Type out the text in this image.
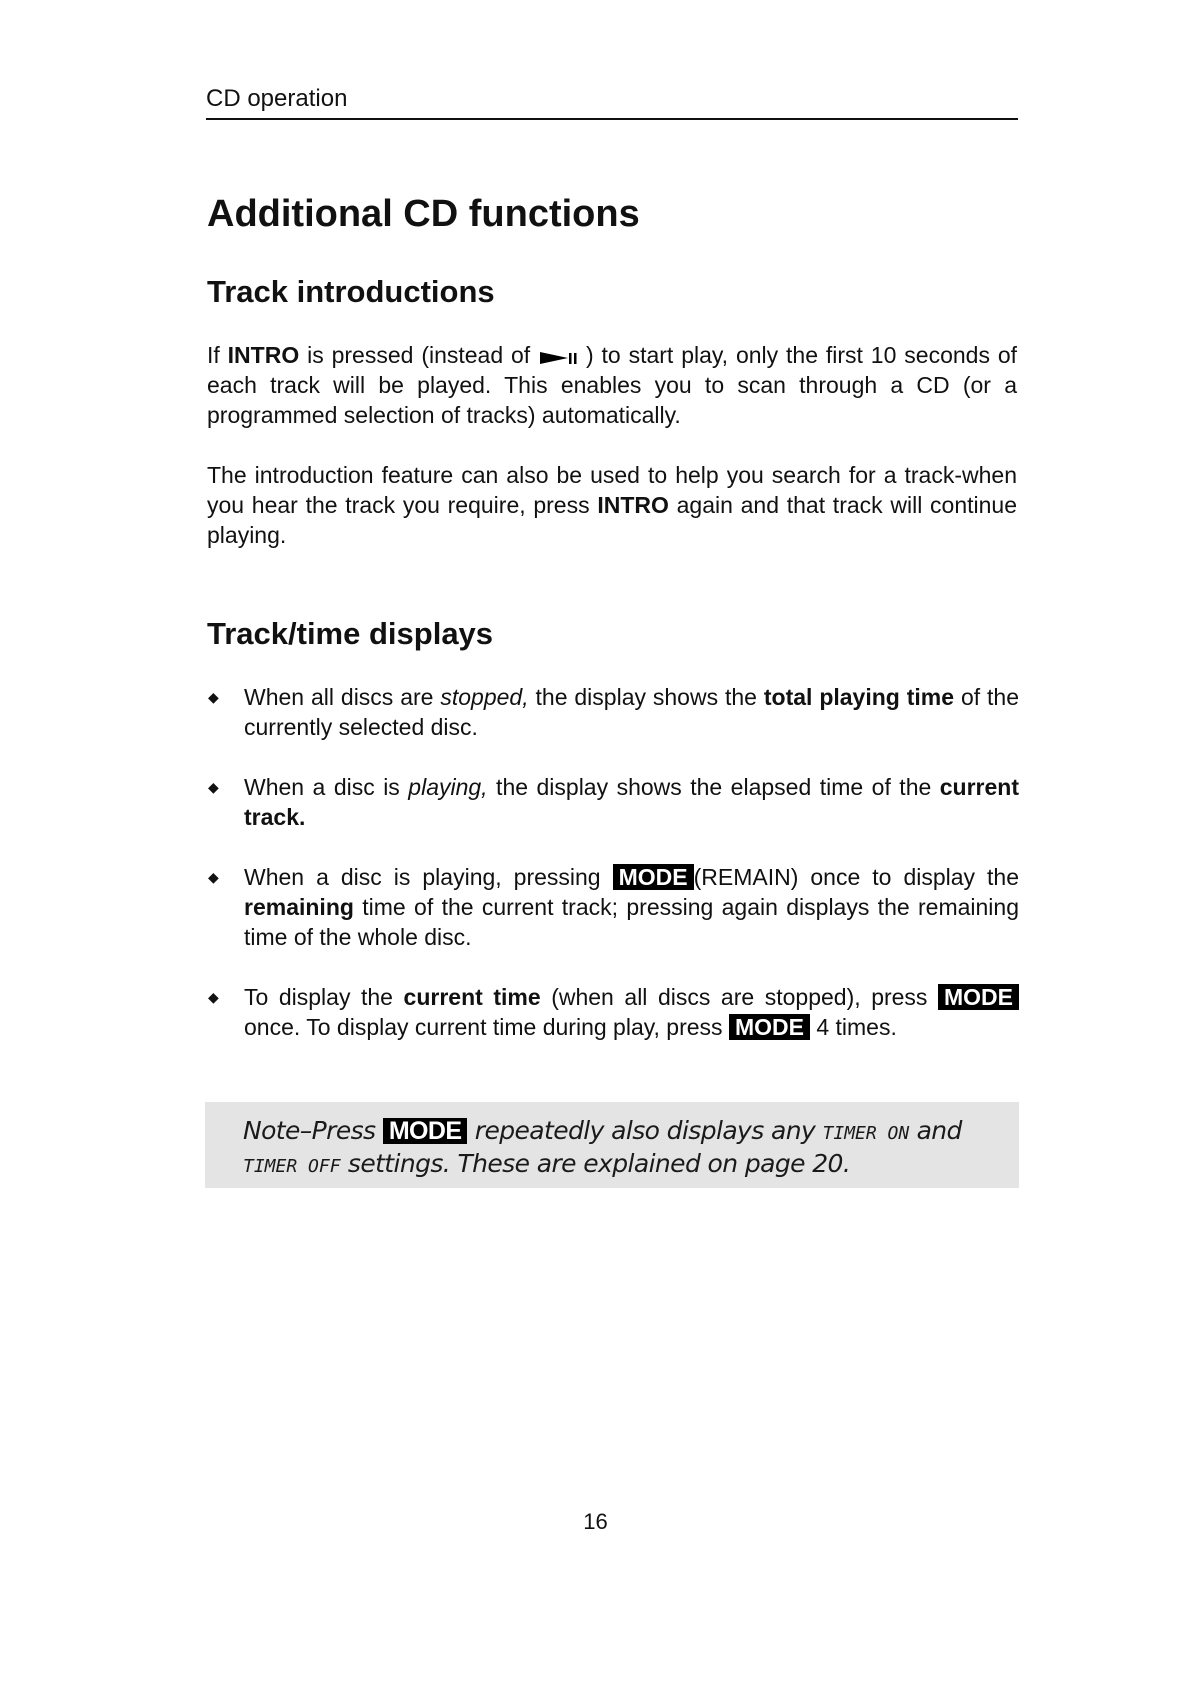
CD operation
Additional CD functions
Track introductions

If INTRO is pressed (instead of  ) to start play, only the first 10 seconds of each track will be played. This enables you to scan through a CD (or a programmed selection of tracks) automatically.

The introduction feature can also be used to help you search for a track-when you hear the track you require, press INTRO again and that track will continue playing.

Track/time displays
◆ When all discs are stopped, the display shows the total playing time of the currently selected disc.
◆ When a disc is playing, the display shows the elapsed time of the current track.
◆ When a disc is playing, pressing MODE (REMAIN) once to display the remaining time of the current track; pressing again displays the remaining time of the whole disc.
◆ To display the current time (when all discs are stopped), press MODE once. To display current time during play, press MODE 4 times.
Note–Press MODE repeatedly also displays any TIMER ON and TIMER OFF settings. These are explained on page 20.
16
